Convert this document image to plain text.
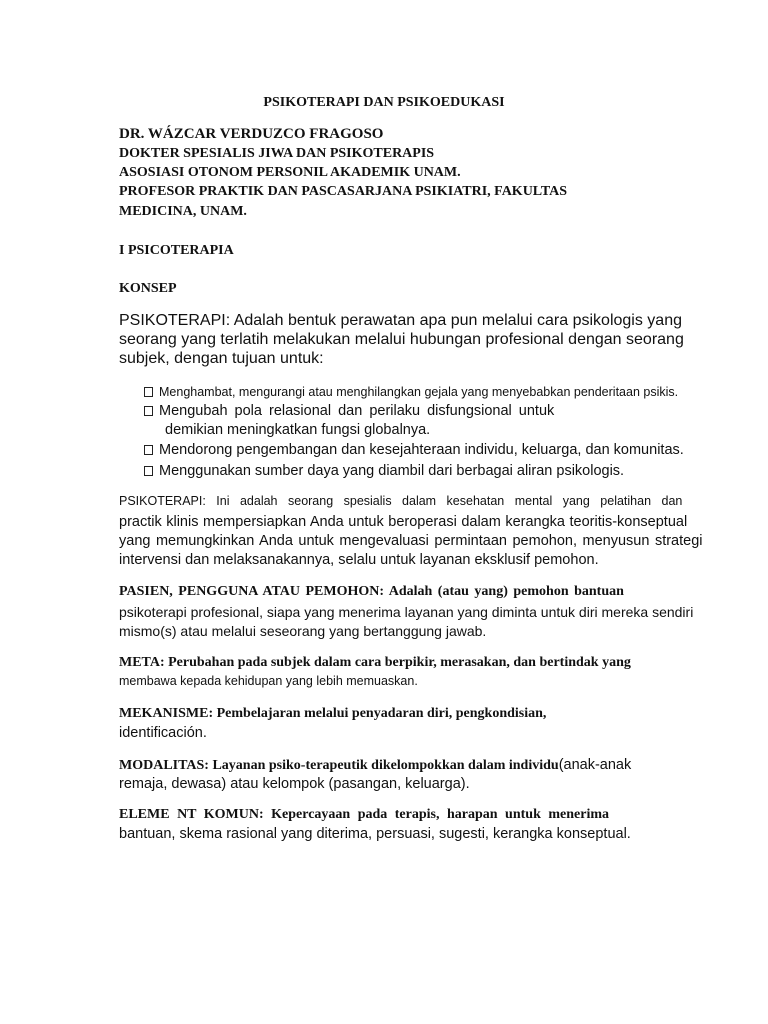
PSIKOTERAPI DAN PSIKOEDUKASI
DR. WÁZCAR VERDUZCO FRAGOSO
DOKTER SPESIALIS JIWA DAN PSIKOTERAPIS
ASOSIASI OTONOM PERSONIL AKADEMIK UNAM.
PROFESOR PRAKTIK DAN PASCASARJANA PSIKIATRI, FAKULTAS
MEDICINA, UNAM.
I PSICOTERAPIA
KONSEP
PSIKOTERAPI: Adalah bentuk perawatan apa pun melalui cara psikologis yang
seorang yang terlatih melakukan melalui hubungan profesional dengan seorang
subjek, dengan tujuan untuk:
Menghambat, mengurangi atau menghilangkan gejala yang menyebabkan penderitaan psikis.
Mengubah pola relasional dan perilaku disfungsional untuk
demikian meningkatkan fungsi globalnya.
Mendorong pengembangan dan kesejahteraan individu, keluarga, dan komunitas.
Menggunakan sumber daya yang diambil dari berbagai aliran psikologis.
PSIKOTERAPI: Ini adalah seorang spesialis dalam kesehatan mental yang pelatihan dan
practik klinis mempersiapkan Anda untuk beroperasi dalam kerangka teoritis-konseptual
yang memungkinkan Anda untuk mengevaluasi permintaan pemohon, menyusun strategi
intervensi dan melaksanakannya, selalu untuk layanan eksklusif pemohon.
PASIEN, PENGGUNA ATAU PEMOHON: Adalah (atau yang) pemohon bantuan
psikoterapi profesional, siapa yang menerima layanan yang diminta untuk diri mereka sendiri
mismo(s) atau melalui seseorang yang bertanggung jawab.
META: Perubahan pada subjek dalam cara berpikir, merasakan, dan bertindak yang
membawa kepada kehidupan yang lebih memuaskan.
MEKANISME: Pembelajaran melalui penyadaran diri, pengkondisian,
identificación.
MODALITAS: Layanan psiko-terapeutik dikelompokkan dalam individu(anak-anak
remaja, dewasa) atau kelompok (pasangan, keluarga).
ELEME NT KOMUN: Kepercayaan pada terapis, harapan untuk menerima
bantuan, skema rasional yang diterima, persuasi, sugesti, kerangka konseptual.
